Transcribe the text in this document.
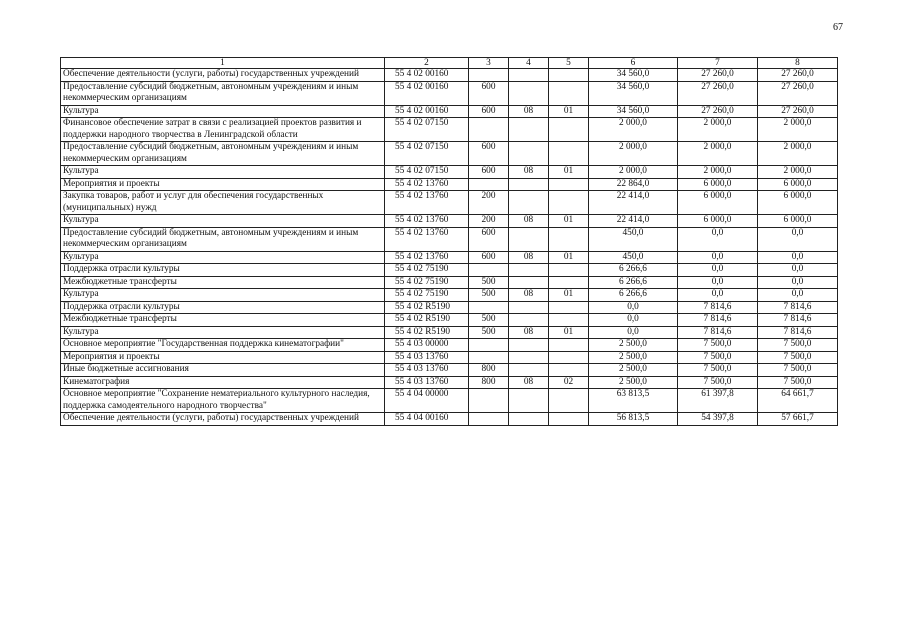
67
1	2	3	4	5	6	7	8
Обеспечение деятельности (услуги, работы) государственных учреждений	55 4 02 00160				34 560,0	27 260,0	27 260,0
Предоставление субсидий бюджетным, автономным учреждениям и иным некоммерческим организациям	55 4 02 00160	600			34 560,0	27 260,0	27 260,0
Культура	55 4 02 00160	600	08	01	34 560,0	27 260,0	27 260,0
Финансовое обеспечение затрат в связи с реализацией проектов развития и поддержки народного творчества в Ленинградской области	55 4 02 07150				2 000,0	2 000,0	2 000,0
Предоставление субсидий бюджетным, автономным учреждениям и иным некоммерческим организациям	55 4 02 07150	600			2 000,0	2 000,0	2 000,0
Культура	55 4 02 07150	600	08	01	2 000,0	2 000,0	2 000,0
Мероприятия и проекты	55 4 02 13760				22 864,0	6 000,0	6 000,0
Закупка товаров, работ и услуг для обеспечения государственных (муниципальных) нужд	55 4 02 13760	200			22 414,0	6 000,0	6 000,0
Культура	55 4 02 13760	200	08	01	22 414,0	6 000,0	6 000,0
Предоставление субсидий бюджетным, автономным учреждениям и иным некоммерческим организациям	55 4 02 13760	600			450,0	0,0	0,0
Культура	55 4 02 13760	600	08	01	450,0	0,0	0,0
Поддержка отрасли культуры	55 4 02 75190				6 266,6	0,0	0,0
Межбюджетные трансферты	55 4 02 75190	500			6 266,6	0,0	0,0
Культура	55 4 02 75190	500	08	01	6 266,6	0,0	0,0
Поддержка отрасли культуры	55 4 02 R5190				0,0	7 814,6	7 814,6
Межбюджетные трансферты	55 4 02 R5190	500			0,0	7 814,6	7 814,6
Культура	55 4 02 R5190	500	08	01	0,0	7 814,6	7 814,6
Основное мероприятие "Государственная поддержка кинематографии"	55 4 03 00000				2 500,0	7 500,0	7 500,0
Мероприятия и проекты	55 4 03 13760				2 500,0	7 500,0	7 500,0
Иные бюджетные ассигнования	55 4 03 13760	800			2 500,0	7 500,0	7 500,0
Кинематография	55 4 03 13760	800	08	02	2 500,0	7 500,0	7 500,0
Основное мероприятие "Сохранение нематериального культурного наследия, поддержка самодеятельного народного творчества"	55 4 04 00000				63 813,5	61 397,8	64 661,7
Обеспечение деятельности (услуги, работы) государственных учреждений	55 4 04 00160				56 813,5	54 397,8	57 661,7
